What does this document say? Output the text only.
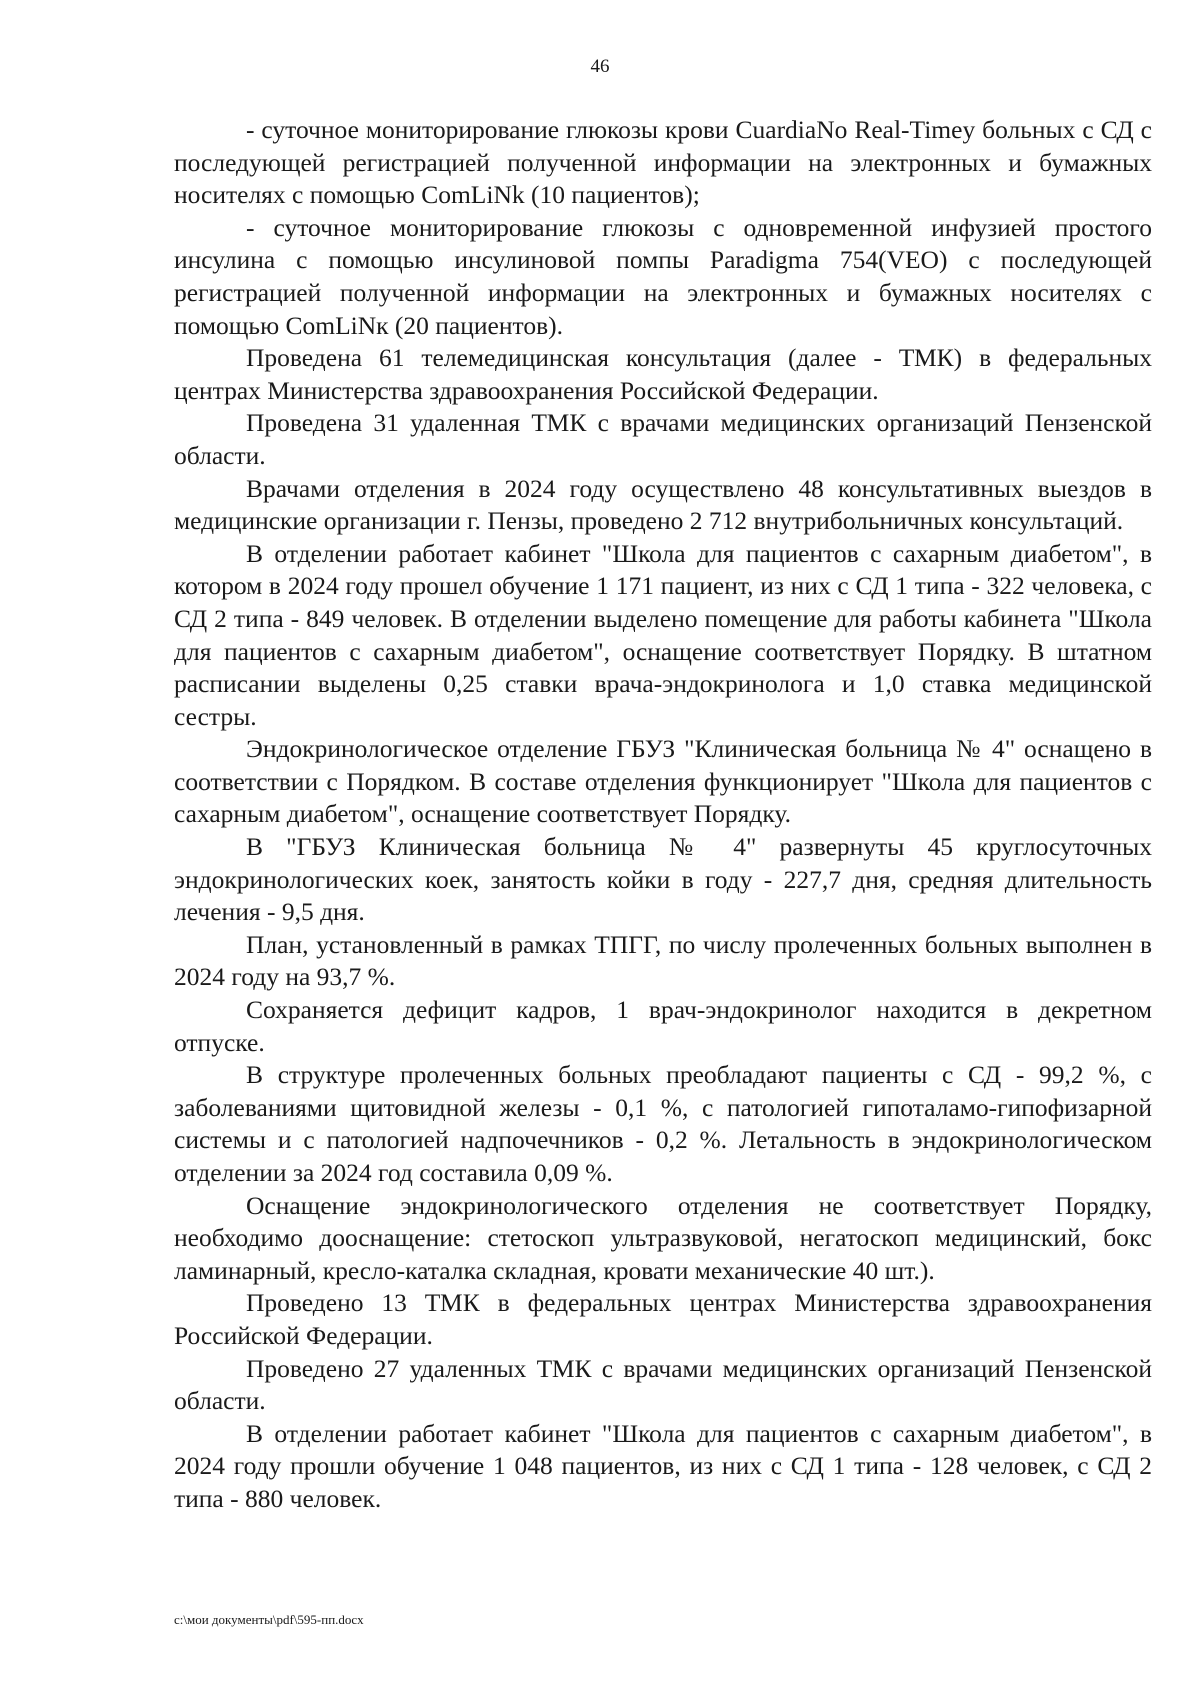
46

- суточное мониторирование глюкозы крови CuardiaNo Real-Timey больных с СД с последующей регистрацией полученной информации на электронных и бумажных носителях с помощью ComLiNk (10 пациентов);

- суточное мониторирование глюкозы с одновременной инфузией простого инсулина с помощью инсулиновой помпы Paradigma 754(VEO) с последующей регистрацией полученной информации на электронных и бумажных носителях с помощью ComLiNк (20 пациентов).

Проведена 61 телемедицинская консультация (далее - ТМК) в федеральных центрах Министерства здравоохранения Российской Федерации.

Проведена 31 удаленная ТМК с врачами медицинских организаций Пензенской области.

Врачами отделения в 2024 году осуществлено 48 консультативных выездов в медицинские организации г. Пензы, проведено 2 712 внутрибольничных консультаций.

В отделении работает кабинет "Школа для пациентов с сахарным диабетом", в котором в 2024 году прошел обучение 1 171 пациент, из них с СД 1 типа - 322 человека, с СД 2 типа - 849 человек. В отделении выделено помещение для работы кабинета "Школа для пациентов с сахарным диабетом", оснащение соответствует Порядку. В штатном расписании выделены 0,25 ставки врача-эндокринолога и 1,0 ставка медицинской сестры.

Эндокринологическое отделение ГБУЗ "Клиническая больница № 4" оснащено в соответствии с Порядком. В составе отделения функционирует "Школа для пациентов с сахарным диабетом", оснащение соответствует Порядку.

В "ГБУЗ Клиническая больница № 4" развернуты 45 круглосуточных эндокринологических коек, занятость койки в году - 227,7 дня, средняя длительность лечения - 9,5 дня.

План, установленный в рамках ТПГГ, по числу пролеченных больных выполнен в 2024 году на 93,7 %.

Сохраняется дефицит кадров, 1 врач-эндокринолог находится в декретном отпуске.

В структуре пролеченных больных преобладают пациенты с СД - 99,2 %, с заболеваниями щитовидной железы - 0,1 %, с патологией гипоталамо-гипофизарной системы и с патологией надпочечников - 0,2 %. Летальность в эндокринологическом отделении за 2024 год составила 0,09 %.

Оснащение эндокринологического отделения не соответствует Порядку, необходимо дооснащение: стетоскоп ультразвуковой, негатоскоп медицинский, бокс ламинарный, кресло-каталка складная, кровати механические 40 шт.).

Проведено 13 ТМК в федеральных центрах Министерства здравоохранения Российской Федерации.

Проведено 27 удаленных ТМК с врачами медицинских организаций Пензенской области.

В отделении работает кабинет "Школа для пациентов с сахарным диабетом", в 2024 году прошли обучение 1 048 пациентов, из них с СД 1 типа - 128 человек, с СД 2 типа - 880 человек.

c:\мои документы\pdf\595-пп.docx
